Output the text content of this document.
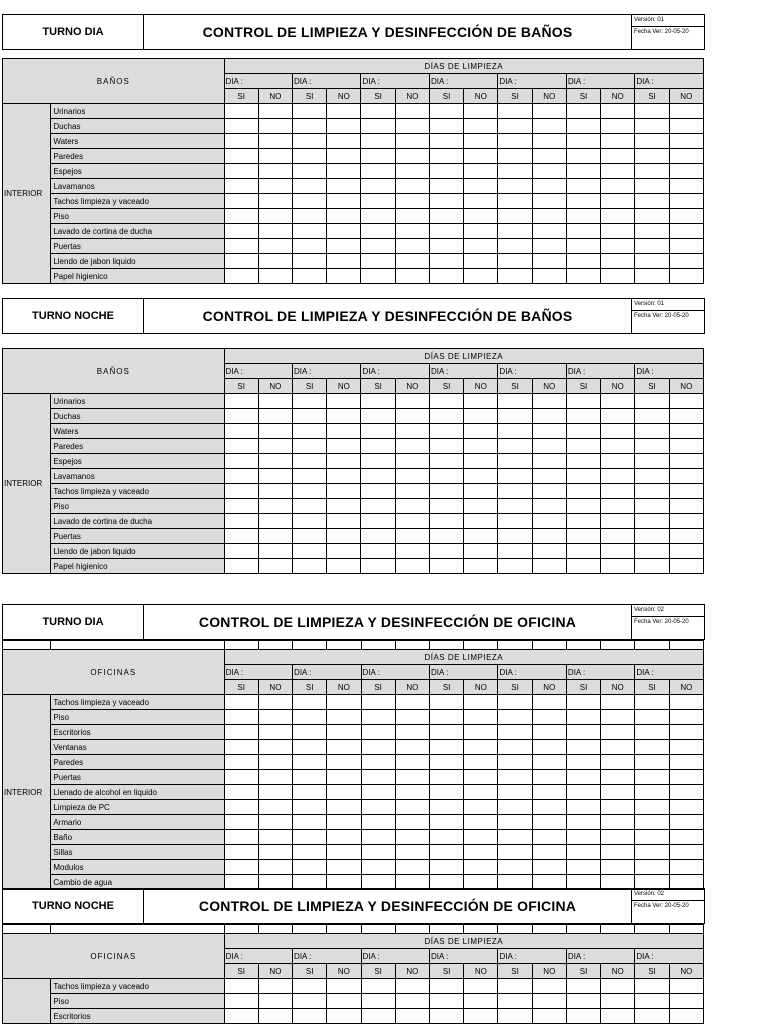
TURNO DIA	CONTROL DE LIMPIEZA Y DESINFECCIÓN DE BAÑOS	
Versión: 01
Fecha Ver: 20-05-20
BAÑOS		DÍAS DE LIMPIEZA													
		DIA :		DIA :		DIA :		DIA :		DIA :		DIA :		DIA :	
		SI	NO	SI	NO	SI	NO	SI	NO	SI	NO	SI	NO	SI	NO
INTERIOR	Urinarios														
	Duchas														
	Waters														
	Paredes														
	Espejos														
	Lavamanos														
	Tachos limpieza y vaceado														
	Piso														
	Lavado de cortina de ducha														
	Puertas														
	Llendo de jabon liquido														
	Papel higienico														
TURNO NOCHE	CONTROL DE LIMPIEZA Y DESINFECCIÓN DE BAÑOS	
Versión: 01
Fecha Ver: 20-05-20
BAÑOS		DÍAS DE LIMPIEZA													
		DIA :		DIA :		DIA :		DIA :		DIA :		DIA :		DIA :	
		SI	NO	SI	NO	SI	NO	SI	NO	SI	NO	SI	NO	SI	NO
INTERIOR	Urinarios														
	Duchas														
	Waters														
	Paredes														
	Espejos														
	Lavamanos														
	Tachos limpieza y vaceado														
	Piso														
	Lavado de cortina de ducha														
	Puertas														
	Llendo de jabon liquido														
	Papel higienico														
TURNO DIA	CONTROL DE LIMPIEZA Y DESINFECCIÓN DE OFICINA	
Versión: 02
Fecha Ver: 20-05-20

OFICINAS		DÍAS DE LIMPIEZA													
		DIA :		DIA :		DIA :		DIA :		DIA :		DIA :		DIA :	
		SI	NO	SI	NO	SI	NO	SI	NO	SI	NO	SI	NO	SI	NO
INTERIOR	Tachos limpieza y vaceado														
	Piso														
	Escritorios														
	Ventanas														
	Paredes														
	Puertas														
	Llenado de alcohol en liquido														
	Limpieza de PC														
	Armario														
	Baño														
	Sillas														
	Modulos														
	Cambio de agua														
TURNO NOCHE	CONTROL DE LIMPIEZA Y DESINFECCIÓN DE OFICINA	
Versión: 02
Fecha Ver: 20-05-20

OFICINAS		DÍAS DE LIMPIEZA													
		DIA :		DIA :		DIA :		DIA :		DIA :		DIA :		DIA :	
		SI	NO	SI	NO	SI	NO	SI	NO	SI	NO	SI	NO	SI	NO
	Tachos limpieza y vaceado														
	Piso														
	Escritorios														
